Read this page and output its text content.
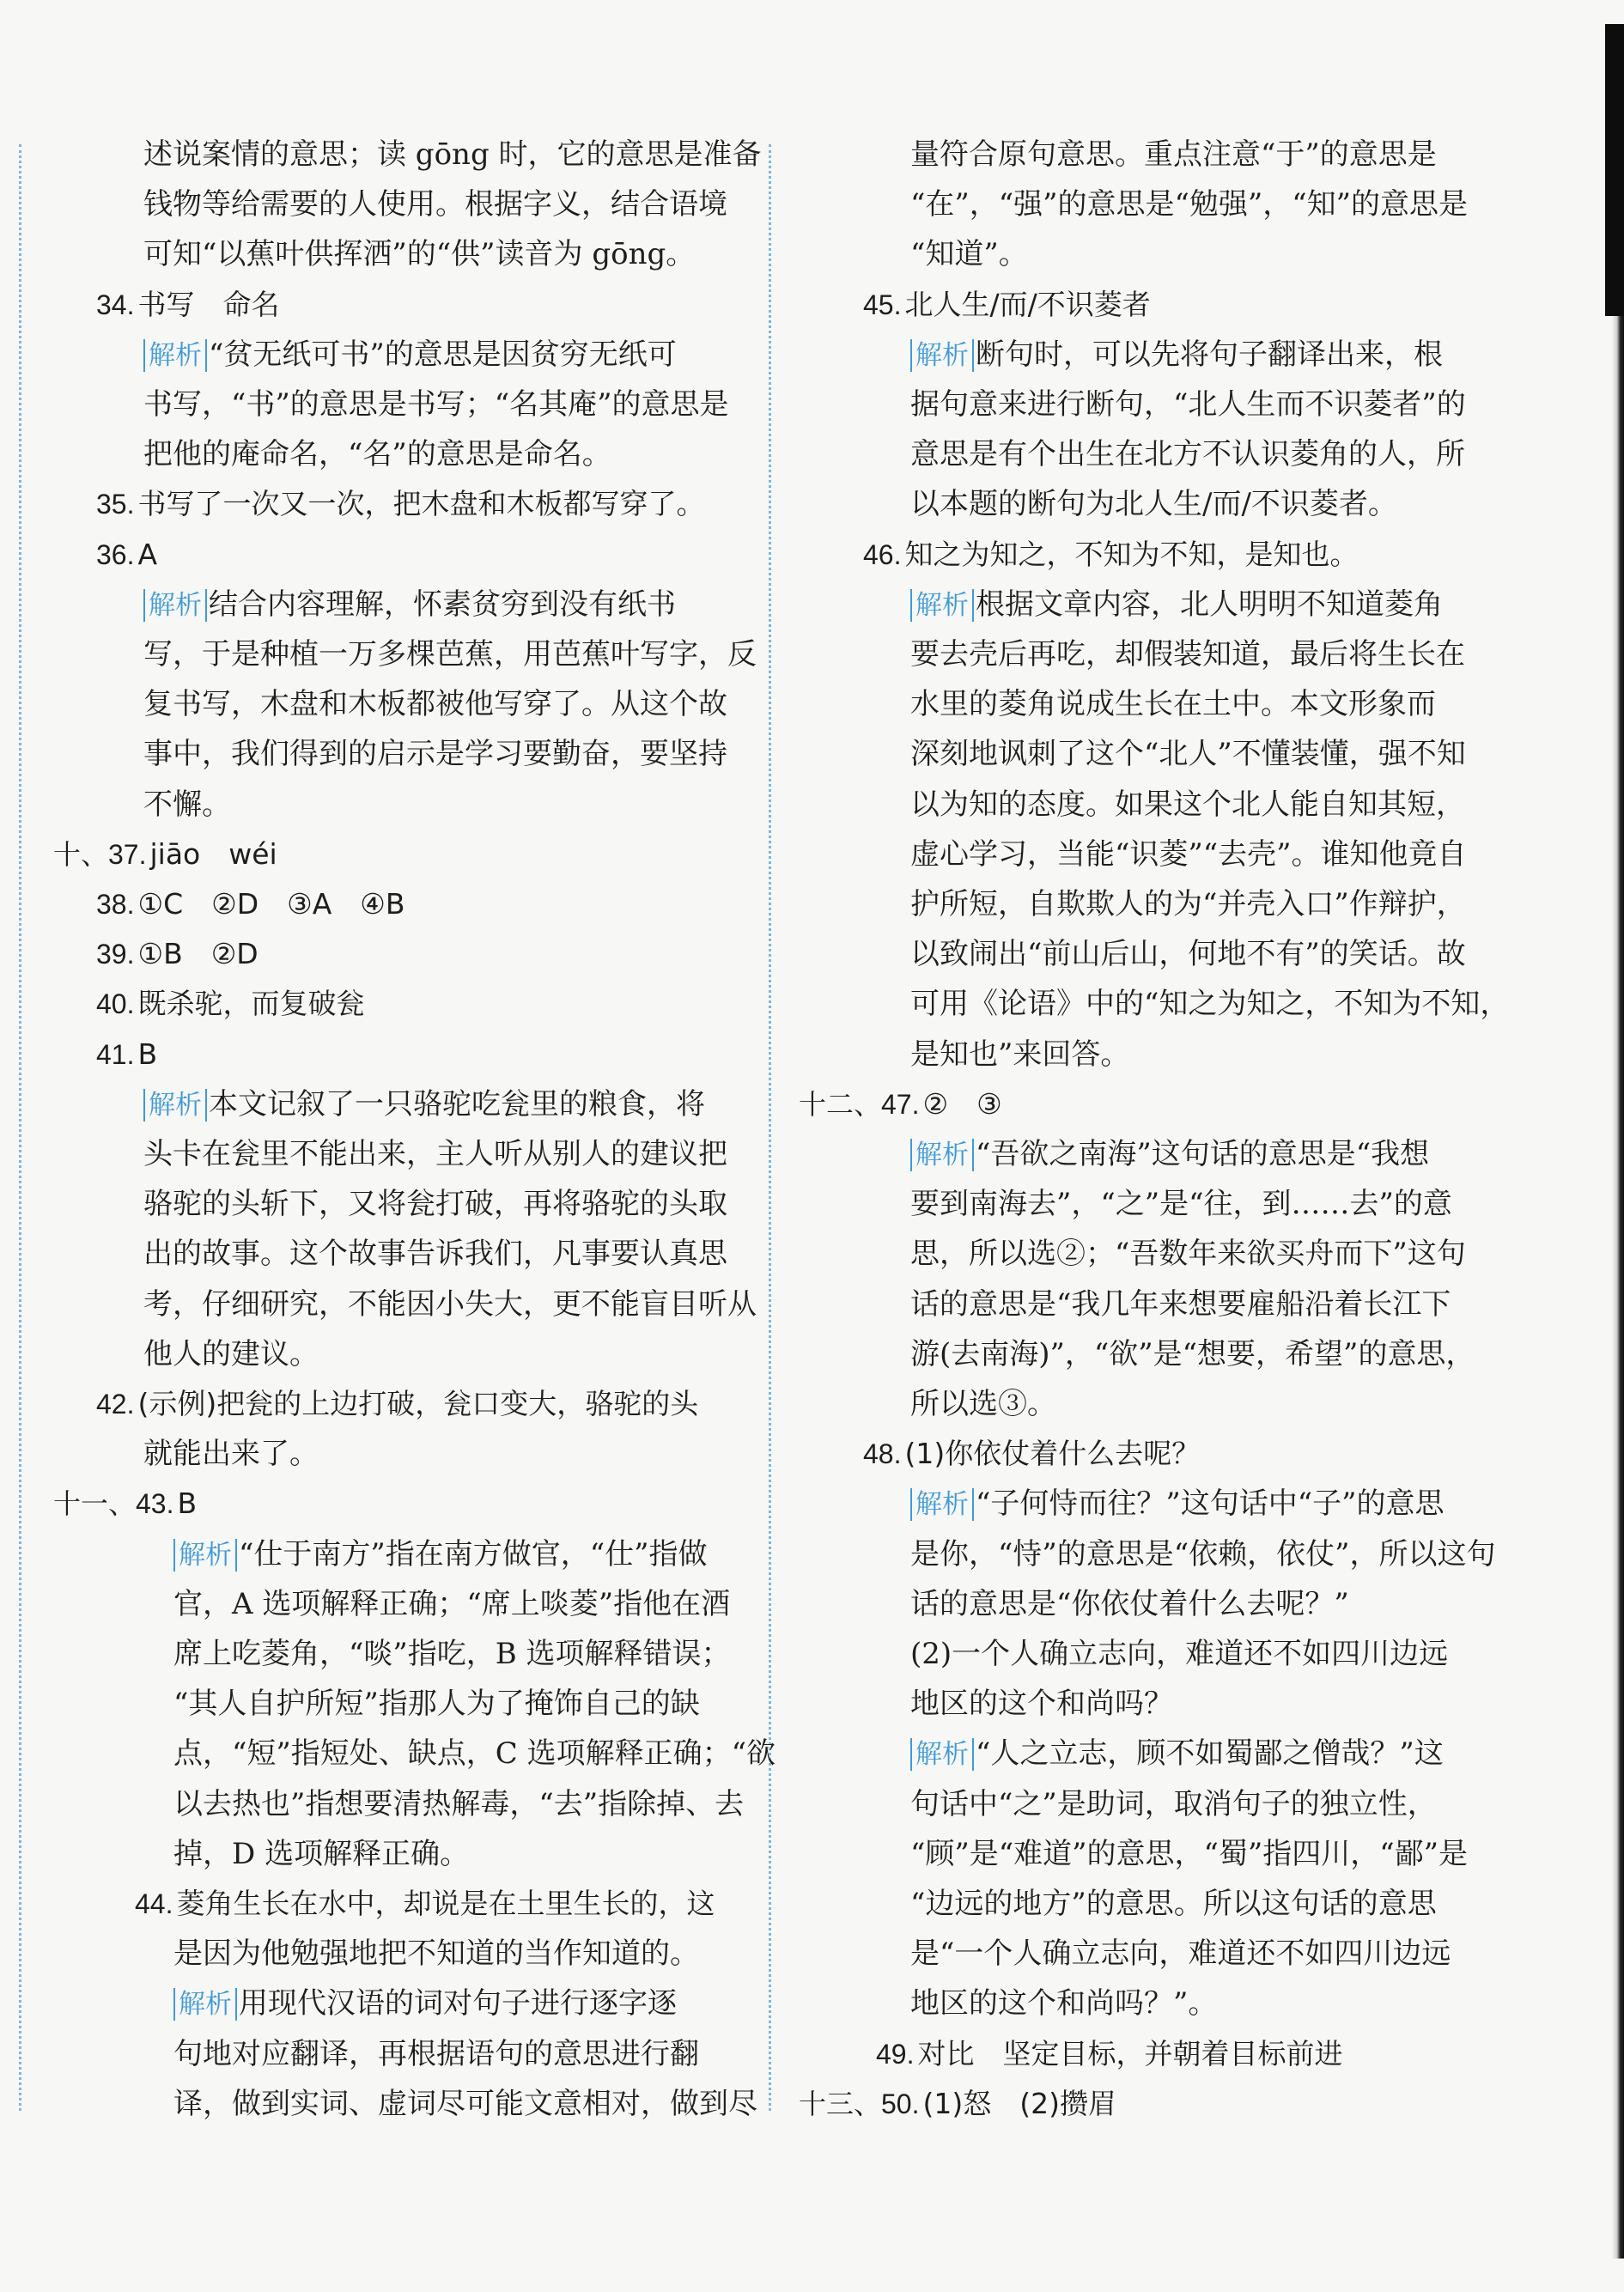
述说案情的意思；读 gōng 时，它的意思是准备
钱物等给需要的人使用。根据字义，结合语境
可知“以蕉叶供挥洒”的“供”读音为 gōng。
34. 书写　命名
解析 “贫无纸可书”的意思是因贫穷无纸可
书写，“书”的意思是书写；“名其庵”的意思是
把他的庵命名，“名”的意思是命名。
35. 书写了一次又一次，把木盘和木板都写穿了。
36. A
解析 结合内容理解，怀素贫穷到没有纸书
写，于是种植一万多棵芭蕉，用芭蕉叶写字，反
复书写，木盘和木板都被他写穿了。从这个故
事中，我们得到的启示是学习要勤奋，要坚持
不懈。
十、37. jiāo　wéi
38. ①C　②D　③A　④B
39. ①B　②D
40. 既杀驼，而复破瓮
41. B
解析 本文记叙了一只骆驼吃瓮里的粮食，将
头卡在瓮里不能出来，主人听从别人的建议把
骆驼的头斩下，又将瓮打破，再将骆驼的头取
出的故事。这个故事告诉我们，凡事要认真思
考，仔细研究，不能因小失大，更不能盲目听从
他人的建议。
42. (示例)把瓮的上边打破，瓮口变大，骆驼的头
就能出来了。
十一、43. B
解析 “仕于南方”指在南方做官，“仕”指做
官，A 选项解释正确；“席上啖菱”指他在酒
席上吃菱角，“啖”指吃，B 选项解释错误；
“其人自护所短”指那人为了掩饰自己的缺
点，“短”指短处、缺点，C 选项解释正确；“欲
以去热也”指想要清热解毒，“去”指除掉、去
掉，D 选项解释正确。
44. 菱角生长在水中，却说是在土里生长的，这
是因为他勉强地把不知道的当作知道的。
解析 用现代汉语的词对句子进行逐字逐
句地对应翻译，再根据语句的意思进行翻
译，做到实词、虚词尽可能文意相对，做到尽
量符合原句意思。重点注意“于”的意思是
“在”，“强”的意思是“勉强”，“知”的意思是
“知道”。
45. 北人生/而/不识菱者
解析 断句时，可以先将句子翻译出来，根
据句意来进行断句，“北人生而不识菱者”的
意思是有个出生在北方不认识菱角的人，所
以本题的断句为北人生/而/不识菱者。
46. 知之为知之，不知为不知，是知也。
解析 根据文章内容，北人明明不知道菱角
要去壳后再吃，却假装知道，最后将生长在
水里的菱角说成生长在土中。本文形象而
深刻地讽刺了这个“北人”不懂装懂，强不知
以为知的态度。如果这个北人能自知其短，
虚心学习，当能“识菱”“去壳”。谁知他竟自
护所短，自欺欺人的为“并壳入口”作辩护，
以致闹出“前山后山，何地不有”的笑话。故
可用《论语》中的“知之为知之，不知为不知，
是知也”来回答。
十二、47. ②　③
解析 “吾欲之南海”这句话的意思是“我想
要到南海去”，“之”是“往，到……去”的意
思，所以选②；“吾数年来欲买舟而下”这句
话的意思是“我几年来想要雇船沿着长江下
游(去南海)”，“欲”是“想要，希望”的意思，
所以选③。
48. (1)你依仗着什么去呢？
解析 “子何恃而往？”这句话中“子”的意思
是你，“恃”的意思是“依赖，依仗”，所以这句
话的意思是“你依仗着什么去呢？”
(2)一个人确立志向，难道还不如四川边远
地区的这个和尚吗？
解析 “人之立志，顾不如蜀鄙之僧哉？”这
句话中“之”是助词，取消句子的独立性，
“顾”是“难道”的意思，“蜀”指四川，“鄙”是
“边远的地方”的意思。所以这句话的意思
是“一个人确立志向，难道还不如四川边远
地区的这个和尚吗？”。
49. 对比　坚定目标，并朝着目标前进
十三、50. (1)怒　(2)攒眉
